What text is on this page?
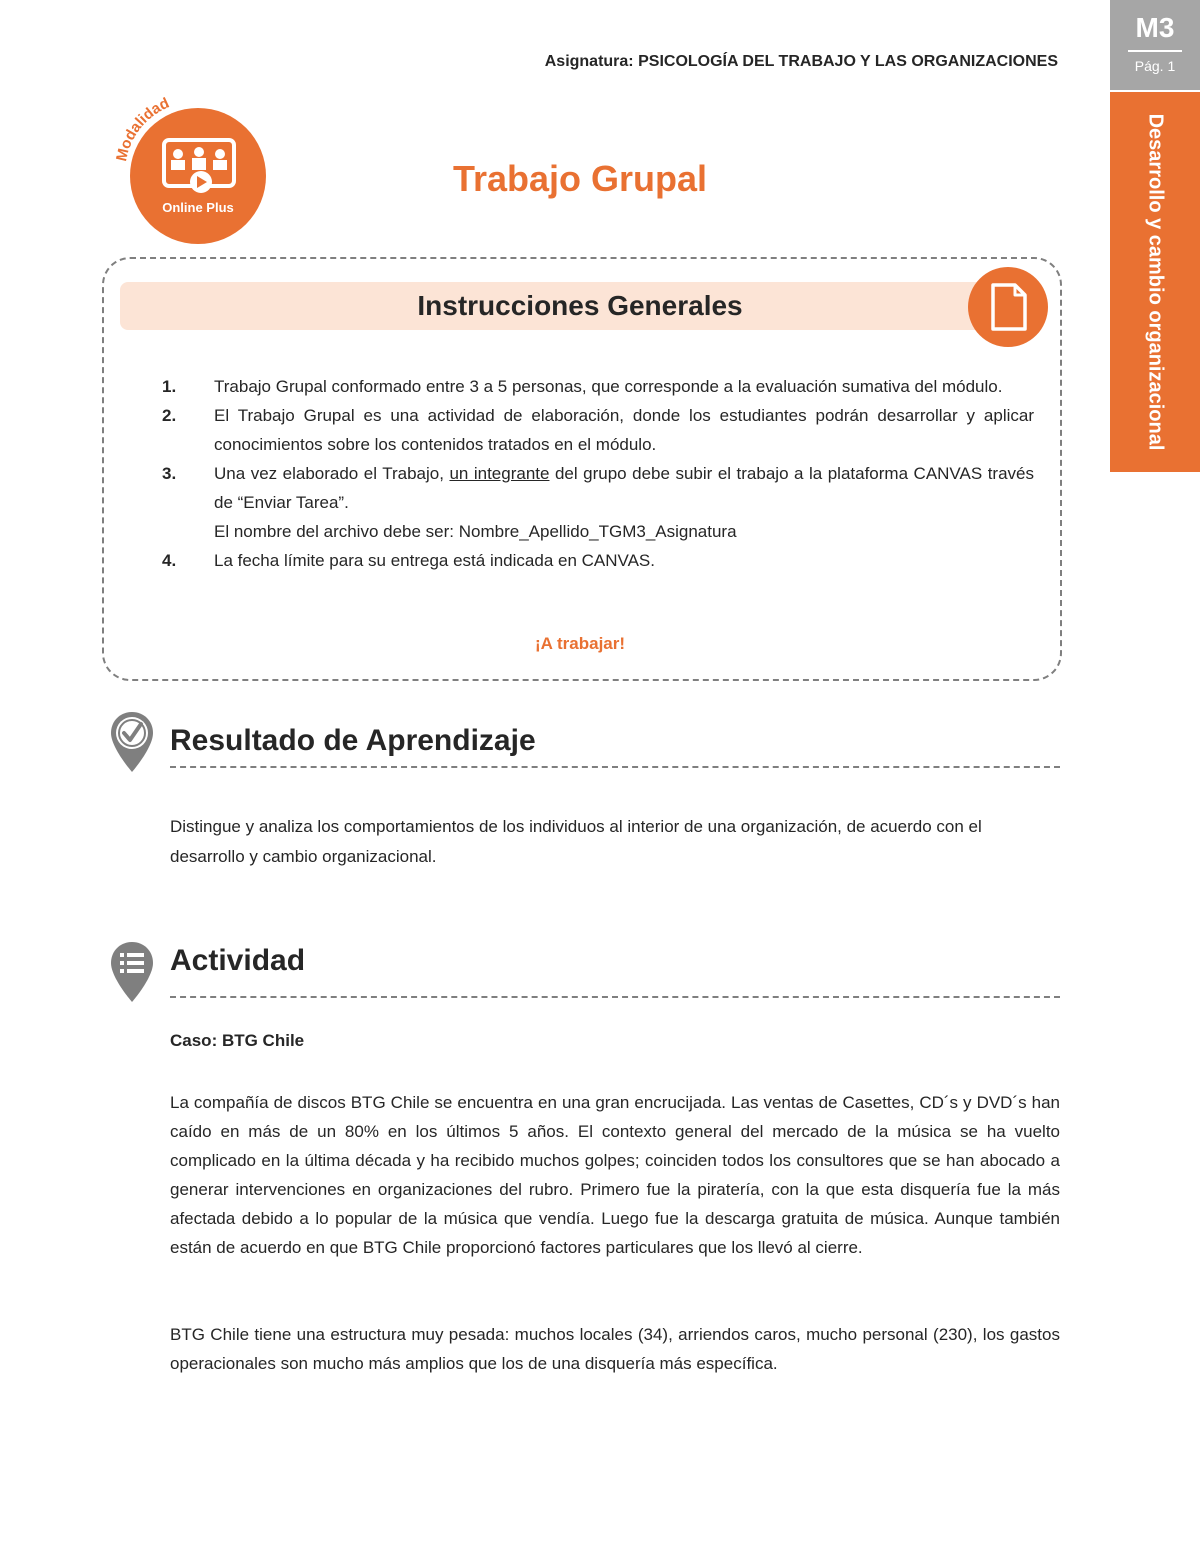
M3
Pág. 1
Desarrollo y cambio organizacional
Asignatura: PSICOLOGÍA DEL TRABAJO Y LAS ORGANIZACIONES
Modalidad
Online Plus
Trabajo Grupal
Instrucciones Generales
1. Trabajo Grupal conformado entre 3 a 5 personas, que corresponde a la evaluación sumativa del módulo.
2. El Trabajo Grupal es una actividad de elaboración, donde los estudiantes podrán desarrollar y aplicar conocimientos sobre los contenidos tratados en el módulo.
3. Una vez elaborado el Trabajo, un integrante del grupo debe subir el trabajo a la plataforma CANVAS través de “Enviar Tarea”.
El nombre del archivo debe ser: Nombre_Apellido_TGM3_Asignatura
4. La fecha límite para su entrega está indicada en CANVAS.
¡A trabajar!
Resultado de Aprendizaje
Distingue y analiza los comportamientos de los individuos al interior de una organización, de acuerdo con el desarrollo y cambio organizacional.
Actividad
Caso: BTG Chile
La compañía de discos BTG Chile se encuentra en una gran encrucijada. Las ventas de Casettes, CD´s y DVD´s han caído en más de un 80% en los últimos 5 años. El contexto general del mercado de la música se ha vuelto complicado en la última década y ha recibido muchos golpes; coinciden todos los consultores que se han abocado a generar intervenciones en organizaciones del rubro. Primero fue la piratería, con la que esta disquería fue la más afectada debido a lo popular de la música que vendía. Luego fue la descarga gratuita de música. Aunque también están de acuerdo en que BTG Chile proporcionó factores particulares que los llevó al cierre.
BTG Chile tiene una estructura muy pesada: muchos locales (34), arriendos caros, mucho personal (230), los gastos operacionales son mucho más amplios que los de una disquería más específica.
